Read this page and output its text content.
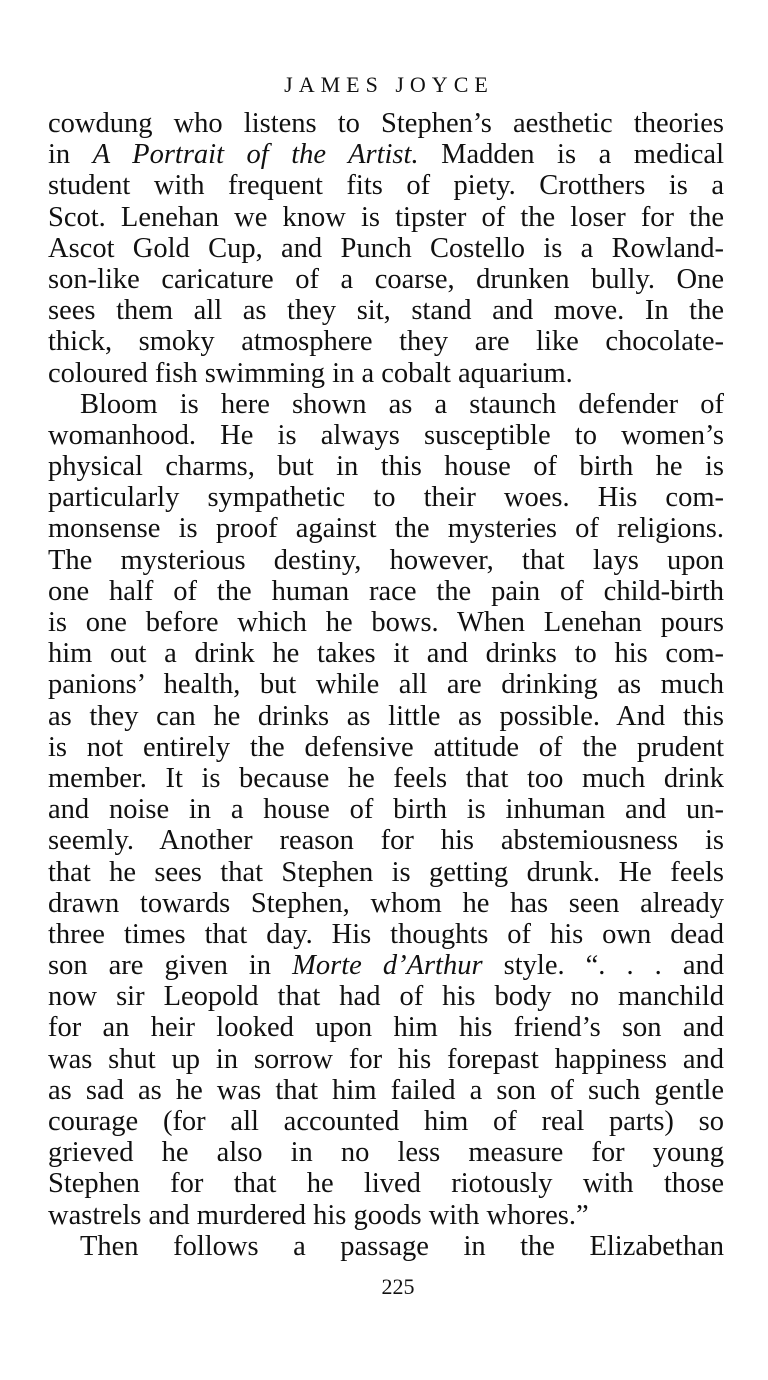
JAMES JOYCE
cowdung who listens to Stephen’s aesthetic theories
in A Portrait of the Artist. Madden is a medical
student with frequent fits of piety. Crotthers is a
Scot. Lenehan we know is tipster of the loser for the
Ascot Gold Cup, and Punch Costello is a Rowland-
son-like caricature of a coarse, drunken bully. One
sees them all as they sit, stand and move. In the
thick, smoky atmosphere they are like chocolate-
coloured fish swimming in a cobalt aquarium.
Bloom is here shown as a staunch defender of
womanhood. He is always susceptible to women’s
physical charms, but in this house of birth he is
particularly sympathetic to their woes. His com-
monsense is proof against the mysteries of religions.
The mysterious destiny, however, that lays upon
one half of the human race the pain of child-birth
is one before which he bows. When Lenehan pours
him out a drink he takes it and drinks to his com-
panions’ health, but while all are drinking as much
as they can he drinks as little as possible. And this
is not entirely the defensive attitude of the prudent
member. It is because he feels that too much drink
and noise in a house of birth is inhuman and un-
seemly. Another reason for his abstemiousness is
that he sees that Stephen is getting drunk. He feels
drawn towards Stephen, whom he has seen already
three times that day. His thoughts of his own dead
son are given in Morte d’Arthur style. “. . . and
now sir Leopold that had of his body no manchild
for an heir looked upon him his friend’s son and
was shut up in sorrow for his forepast happiness and
as sad as he was that him failed a son of such gentle
courage (for all accounted him of real parts) so
grieved he also in no less measure for young
Stephen for that he lived riotously with those
wastrels and murdered his goods with whores.”
Then follows a passage in the Elizabethan
225
